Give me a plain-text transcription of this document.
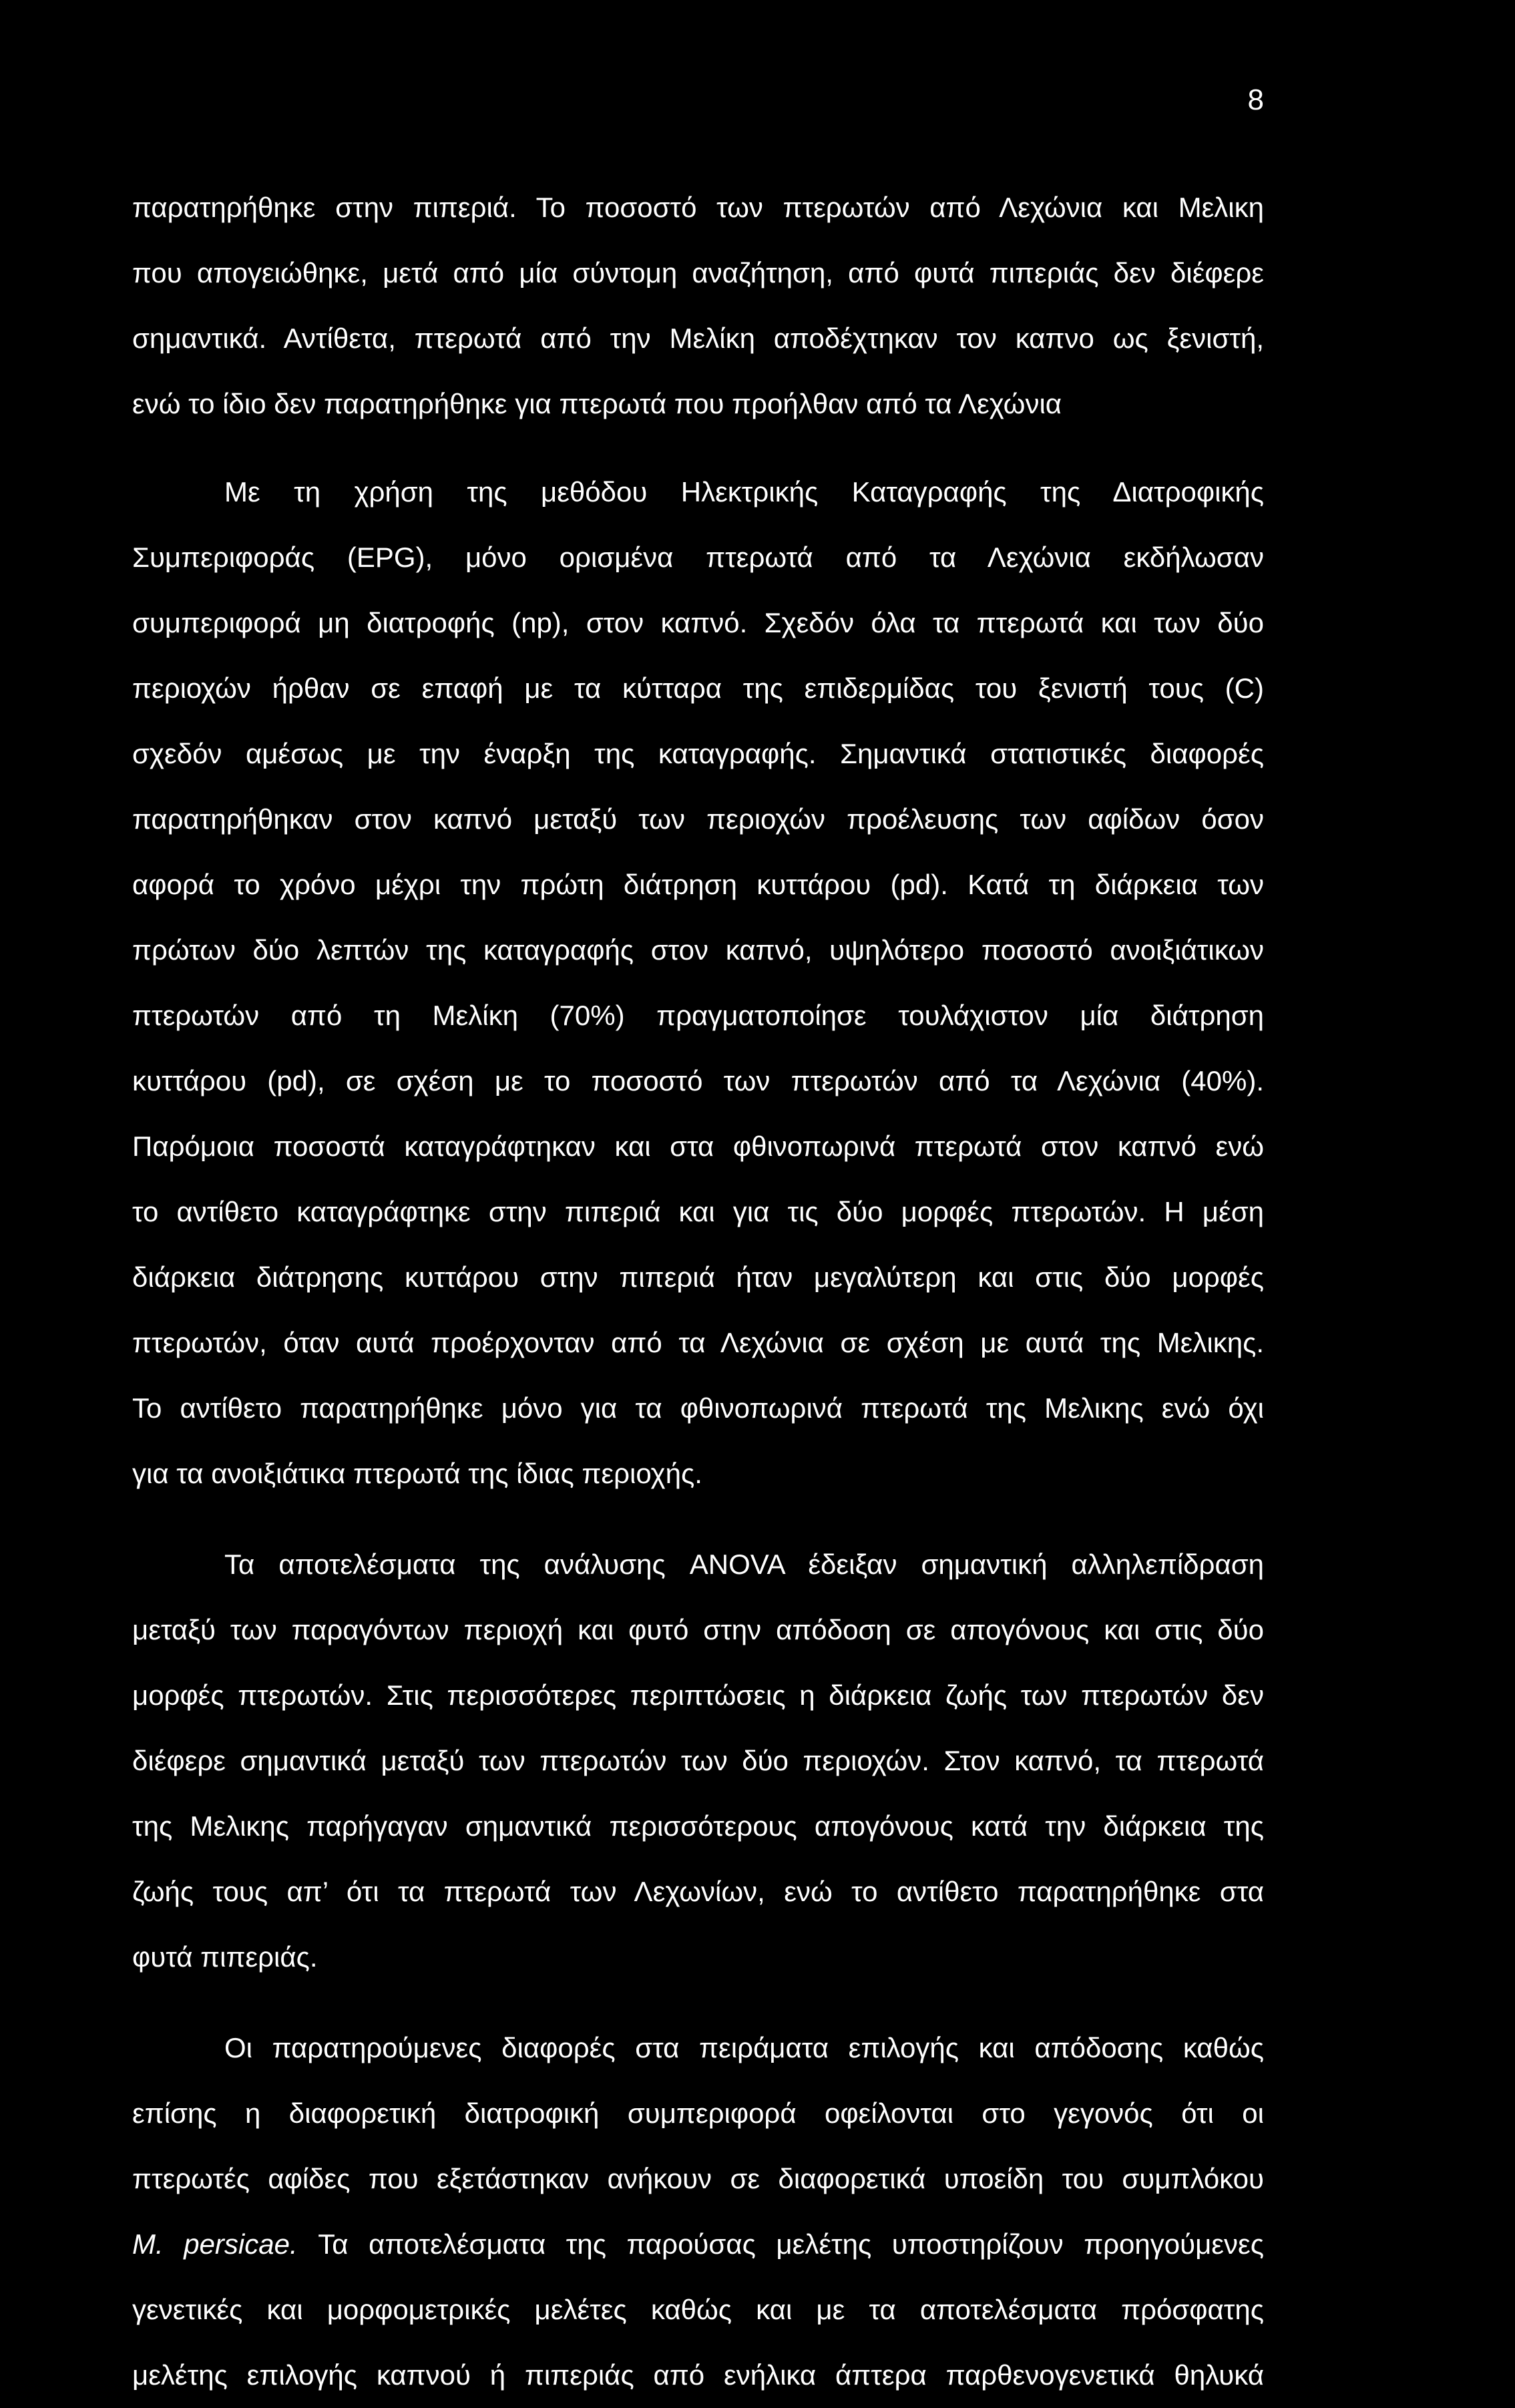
8

παρατηρήθηκε στην πιπεριά. Το ποσοστό των πτερωτών από Λεχώνια και Μελικη
που απογειώθηκε, μετά από μία σύντομη αναζήτηση, από φυτά πιπεριάς δεν διέφερε
σημαντικά. Αντίθετα, πτερωτά από την Μελίκη αποδέχτηκαν τον καπνο ως ξενιστή,
ενώ το ίδιο δεν παρατηρήθηκε για πτερωτά που προήλθαν από τα Λεχώνια

Με τη χρήση της μεθόδου Ηλεκτρικής Καταγραφής της Διατροφικής
Συμπεριφοράς (EPG), μόνο ορισμένα πτερωτά από τα Λεχώνια εκδήλωσαν
συμπεριφορά μη διατροφής (np), στον καπνό. Σχεδόν όλα τα πτερωτά και των δύο
περιοχών ήρθαν σε επαφή με τα κύτταρα της επιδερμίδας του ξενιστή τους (C)
σχεδόν αμέσως με την έναρξη της καταγραφής. Σημαντικά στατιστικές διαφορές
παρατηρήθηκαν στον καπνό μεταξύ των περιοχών προέλευσης των αφίδων όσον
αφορά το χρόνο μέχρι την πρώτη διάτρηση κυττάρου (pd). Κατά τη διάρκεια των
πρώτων δύο λεπτών της καταγραφής στον καπνό, υψηλότερο ποσοστό ανοιξιάτικων
πτερωτών από τη Μελίκη (70%) πραγματοποίησε τουλάχιστον μία διάτρηση
κυττάρου (pd), σε σχέση με το ποσοστό των πτερωτών από τα Λεχώνια (40%).
Παρόμοια ποσοστά καταγράφτηκαν και στα φθινοπωρινά πτερωτά στον καπνό ενώ
το αντίθετο καταγράφτηκε στην πιπεριά και για τις δύο μορφές πτερωτών. Η μέση
διάρκεια διάτρησης κυττάρου στην πιπεριά ήταν μεγαλύτερη και στις δύο μορφές
πτερωτών, όταν αυτά προέρχονταν από τα Λεχώνια σε σχέση με αυτά της Μελικης.
Το αντίθετο παρατηρήθηκε μόνο για τα φθινοπωρινά πτερωτά της Μελικης ενώ όχι
για τα ανοιξιάτικα πτερωτά της ίδιας περιοχής.

Τα αποτελέσματα της ανάλυσης ANOVA έδειξαν σημαντική αλληλεπίδραση
μεταξύ των παραγόντων περιοχή και φυτό στην απόδοση σε απογόνους και στις δύο
μορφές πτερωτών. Στις περισσότερες περιπτώσεις η διάρκεια ζωής των πτερωτών δεν
διέφερε σημαντικά μεταξύ των πτερωτών των δύο περιοχών. Στον καπνό, τα πτερωτά
της Μελικης παρήγαγαν σημαντικά περισσότερους απογόνους κατά την διάρκεια της
ζωής τους απ’ ότι τα πτερωτά των Λεχωνίων, ενώ το αντίθετο παρατηρήθηκε στα
φυτά πιπεριάς.

Οι παρατηρούμενες διαφορές στα πειράματα επιλογής και απόδοσης καθώς
επίσης η διαφορετική διατροφική συμπεριφορά οφείλονται στο γεγονός ότι οι
πτερωτές αφίδες που εξετάστηκαν ανήκουν σε διαφορετικά υποείδη του συμπλόκου
M. persicae. Τα αποτελέσματα της παρούσας μελέτης υποστηρίζουν προηγούμενες
γενετικές και μορφομετρικές μελέτες καθώς και με τα αποτελέσματα πρόσφατης
μελέτης επιλογής καπνού ή πιπεριάς από ενήλικα άπτερα παρθενογενετικά θηλυκά
